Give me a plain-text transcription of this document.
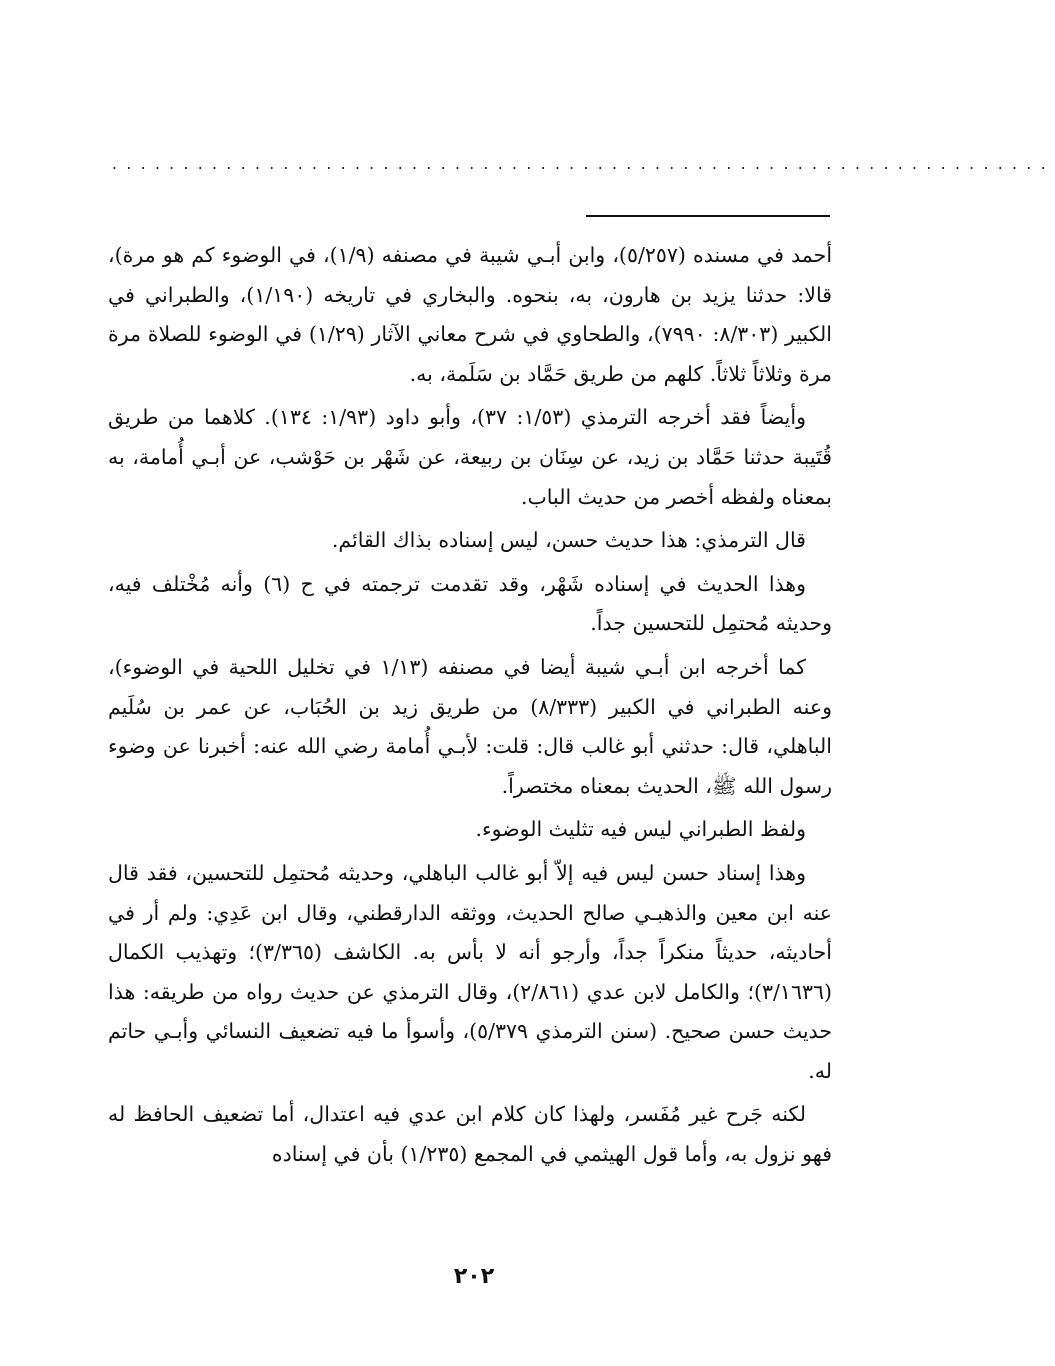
..................................................................

أحمد في مسنده (٥/٢٥٧)، وابن أبـي شيبة في مصنفه (١/٩)، في الوضوء كم هو مرة)، قالا: حدثنا يزيد بن هارون، به، بنحوه. والبخاري في تاريخه (١/١٩٠)، والطبراني في الكبير (٨/٣٠٣: ٧٩٩٠)، والطحاوي في شرح معاني الآثار (١/٢٩) في الوضوء للصلاة مرة مرة وثلاثاً ثلاثاً. كلهم من طريق حَمَّاد بن سَلَمة، به.

وأيضاً فقد أخرجه الترمذي (١/٥٣: ٣٧)، وأبو داود (١/٩٣: ١٣٤). كلاهما من طريق قُتَيبة حدثنا حَمَّاد بن زيد، عن سِنَان بن ربيعة، عن شَهْر بن حَوْشب، عن أبـي أُمامة، به بمعناه ولفظه أخصر من حديث الباب.

قال الترمذي: هذا حديث حسن، ليس إسناده بذاك القائم.

وهذا الحديث في إسناده شَهْر، وقد تقدمت ترجمته في ح (٦) وأنه مُخْتلف فيه، وحديثه مُحتمِل للتحسين جداً.

كما أخرجه ابن أبـي شيبة أيضا في مصنفه (١/١٣ في تخليل اللحية في الوضوء)، وعنه الطبراني في الكبير (٨/٣٣٣) من طريق زيد بن الحُبَاب، عن عمر بن سُلَيم الباهلي، قال: حدثني أبو غالب قال: قلت: لأبـي أُمامة رضي الله عنه: أخبرنا عن وضوء رسول الله ﷺ، الحديث بمعناه مختصراً.

ولفظ الطبراني ليس فيه تثليث الوضوء.

وهذا إسناد حسن ليس فيه إلاّ أبو غالب الباهلي، وحديثه مُحتمِل للتحسين، فقد قال عنه ابن معين والذهبـي صالح الحديث، ووثقه الدارقطني، وقال ابن عَدِي: ولم أر في أحاديثه، حديثاً منكراً جداً، وأرجو أنه لا بأس به. الكاشف (٣/٣٦٥)؛ وتهذيب الكمال (٣/١٦٣٦)؛ والكامل لابن عدي (٢/٨٦١)، وقال الترمذي عن حديث رواه من طريقه: هذا حديث حسن صحيح. (سنن الترمذي ٥/٣٧٩)، وأسوأ ما فيه تضعيف النسائي وأبـي حاتم له.

لكنه جَرح غير مُفَسر، ولهذا كان كلام ابن عدي فيه اعتدال، أما تضعيف الحافظ له فهو نزول به، وأما قول الهيثمي في المجمع (١/٢٣٥) بأن في إسناده

٢٠٢
